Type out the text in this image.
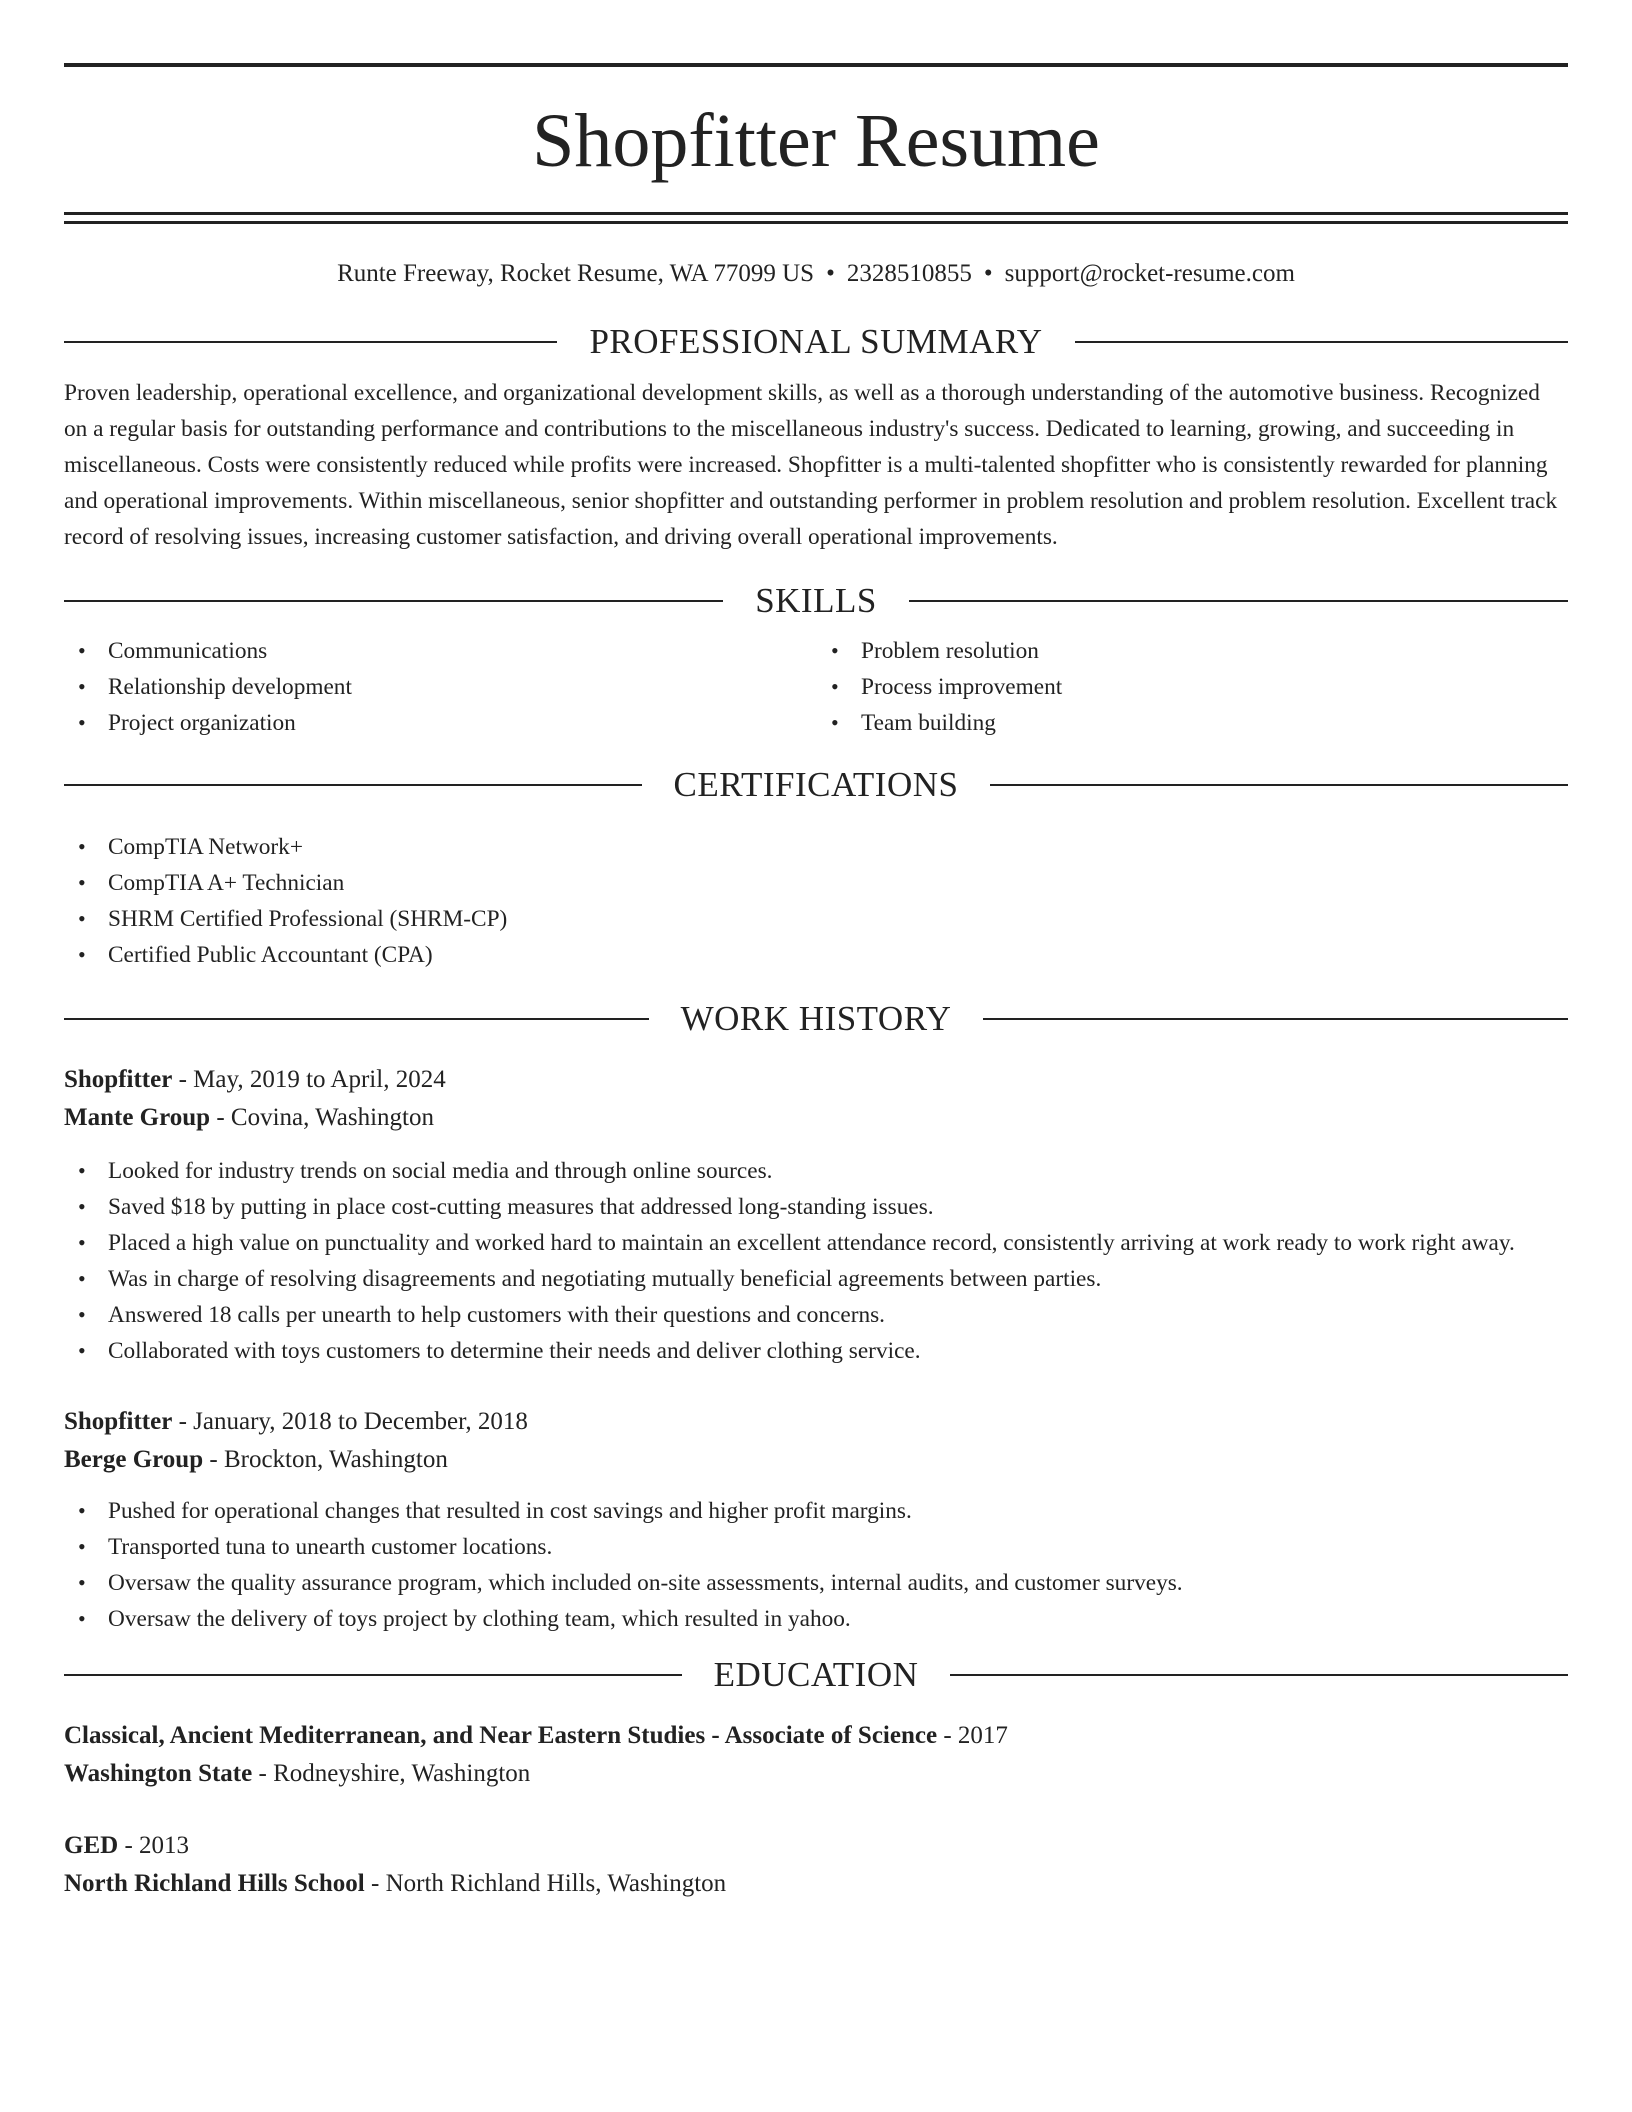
Shopfitter Resume
Runte Freeway, Rocket Resume, WA 77099 US • 2328510855 • support@rocket-resume.com
PROFESSIONAL SUMMARY

Proven leadership, operational excellence, and organizational development skills, as well as a thorough understanding of the automotive business. Recognized on a regular basis for outstanding performance and contributions to the miscellaneous industry's success. Dedicated to learning, growing, and succeeding in miscellaneous. Costs were consistently reduced while profits were increased. Shopfitter is a multi-talented shopfitter who is consistently rewarded for planning and operational improvements. Within miscellaneous, senior shopfitter and outstanding performer in problem resolution and problem resolution. Excellent track record of resolving issues, increasing customer satisfaction, and driving overall operational improvements.

SKILLS
• Communications
• Relationship development
• Project organization
• Problem resolution
• Process improvement
• Team building
CERTIFICATIONS
• CompTIA Network+
• CompTIA A+ Technician
• SHRM Certified Professional (SHRM-CP)
• Certified Public Accountant (CPA)
WORK HISTORY
Shopfitter - May, 2019 to April, 2024
Mante Group - Covina, Washington
• Looked for industry trends on social media and through online sources.
• Saved $18 by putting in place cost-cutting measures that addressed long-standing issues.
• Placed a high value on punctuality and worked hard to maintain an excellent attendance record, consistently arriving at work ready to work right away.
• Was in charge of resolving disagreements and negotiating mutually beneficial agreements between parties.
• Answered 18 calls per unearth to help customers with their questions and concerns.
• Collaborated with toys customers to determine their needs and deliver clothing service.
Shopfitter - January, 2018 to December, 2018
Berge Group - Brockton, Washington
• Pushed for operational changes that resulted in cost savings and higher profit margins.
• Transported tuna to unearth customer locations.
• Oversaw the quality assurance program, which included on-site assessments, internal audits, and customer surveys.
• Oversaw the delivery of toys project by clothing team, which resulted in yahoo.
EDUCATION
Classical, Ancient Mediterranean, and Near Eastern Studies - Associate of Science - 2017
Washington State - Rodneyshire, Washington
GED - 2013
North Richland Hills School - North Richland Hills, Washington
